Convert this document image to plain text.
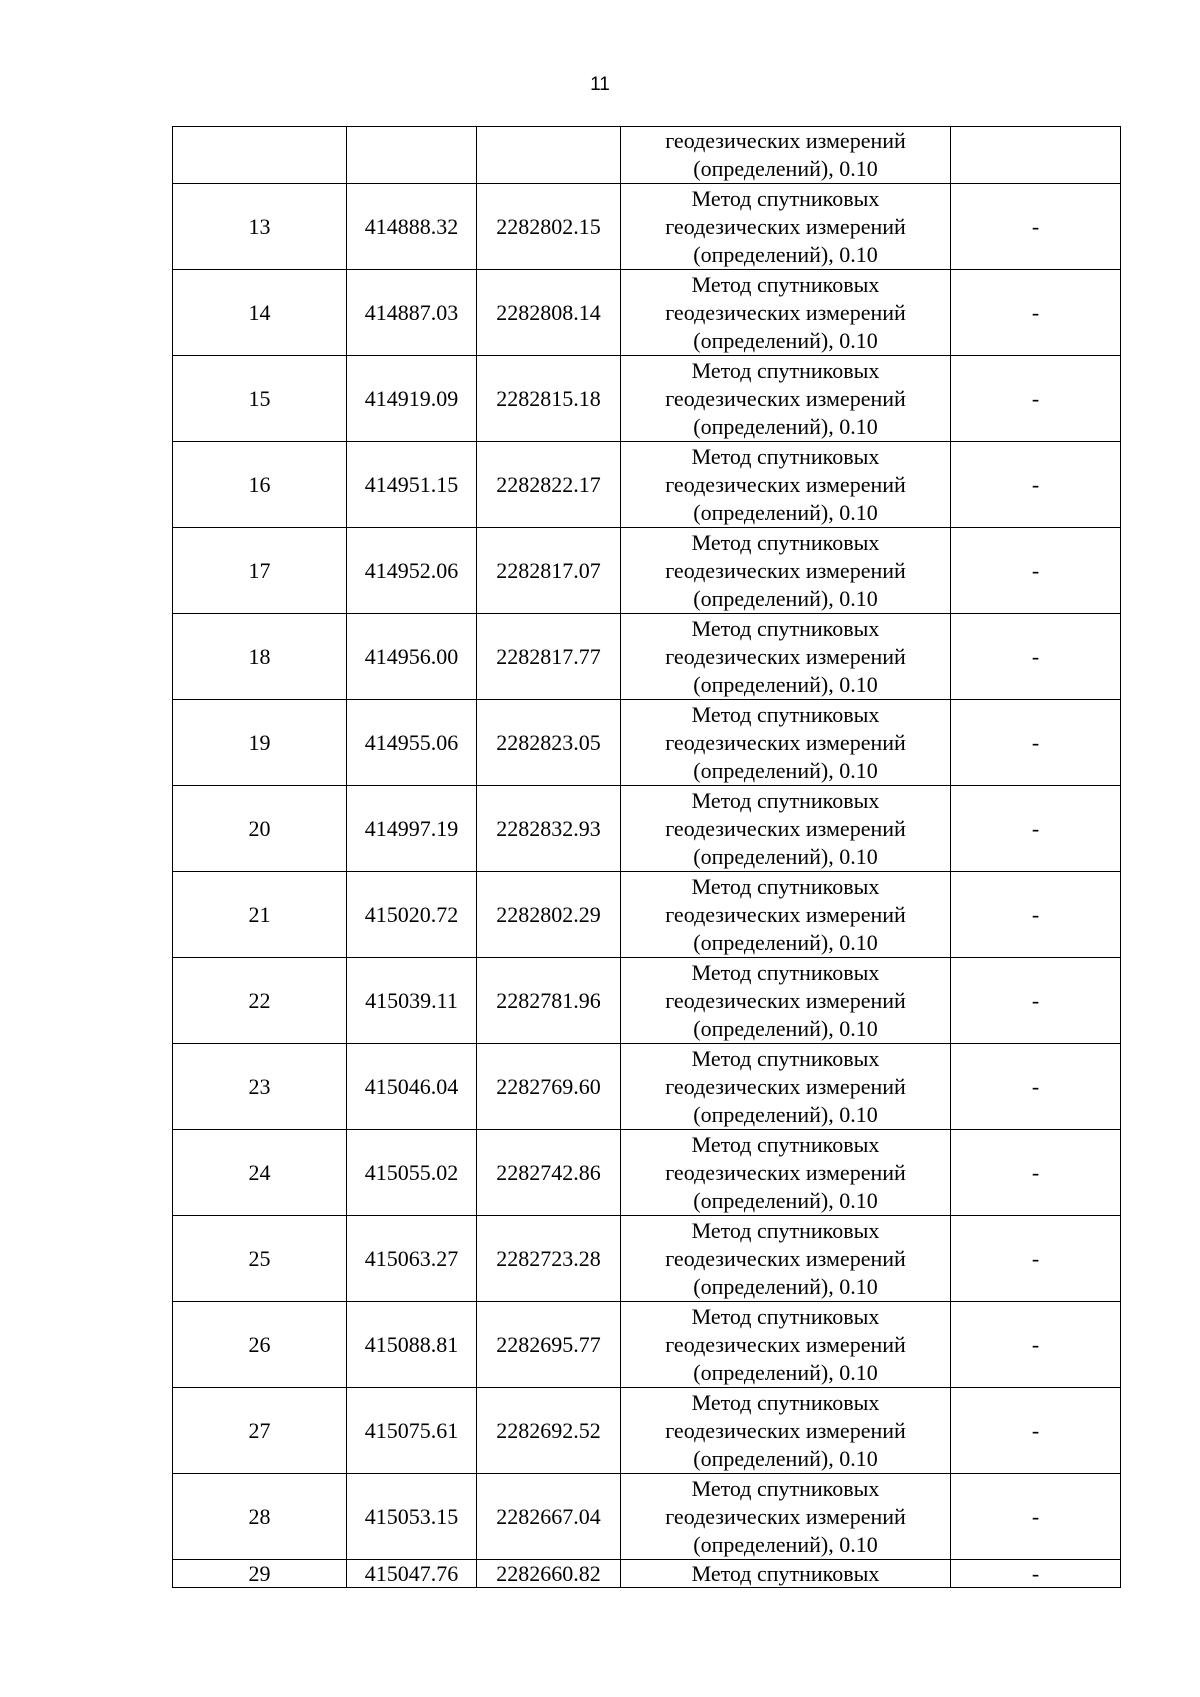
11

			геодезических измерений
(определений), 0.10	

13	414888.32	2282802.15	Метод спутниковых
геодезических измерений
(определений), 0.10	-
14	414887.03	2282808.14	Метод спутниковых
геодезических измерений
(определений), 0.10	-
15	414919.09	2282815.18	Метод спутниковых
геодезических измерений
(определений), 0.10	-
16	414951.15	2282822.17	Метод спутниковых
геодезических измерений
(определений), 0.10	-
17	414952.06	2282817.07	Метод спутниковых
геодезических измерений
(определений), 0.10	-
18	414956.00	2282817.77	Метод спутниковых
геодезических измерений
(определений), 0.10	-
19	414955.06	2282823.05	Метод спутниковых
геодезических измерений
(определений), 0.10	-
20	414997.19	2282832.93	Метод спутниковых
геодезических измерений
(определений), 0.10	-
21	415020.72	2282802.29	Метод спутниковых
геодезических измерений
(определений), 0.10	-
22	415039.11	2282781.96	Метод спутниковых
геодезических измерений
(определений), 0.10	-
23	415046.04	2282769.60	Метод спутниковых
геодезических измерений
(определений), 0.10	-
24	415055.02	2282742.86	Метод спутниковых
геодезических измерений
(определений), 0.10	-
25	415063.27	2282723.28	Метод спутниковых
геодезических измерений
(определений), 0.10	-
26	415088.81	2282695.77	Метод спутниковых
геодезических измерений
(определений), 0.10	-
27	415075.61	2282692.52	Метод спутниковых
геодезических измерений
(определений), 0.10	-
28	415053.15	2282667.04	Метод спутниковых
геодезических измерений
(определений), 0.10	-
29	415047.76	2282660.82	Метод спутниковых	-
